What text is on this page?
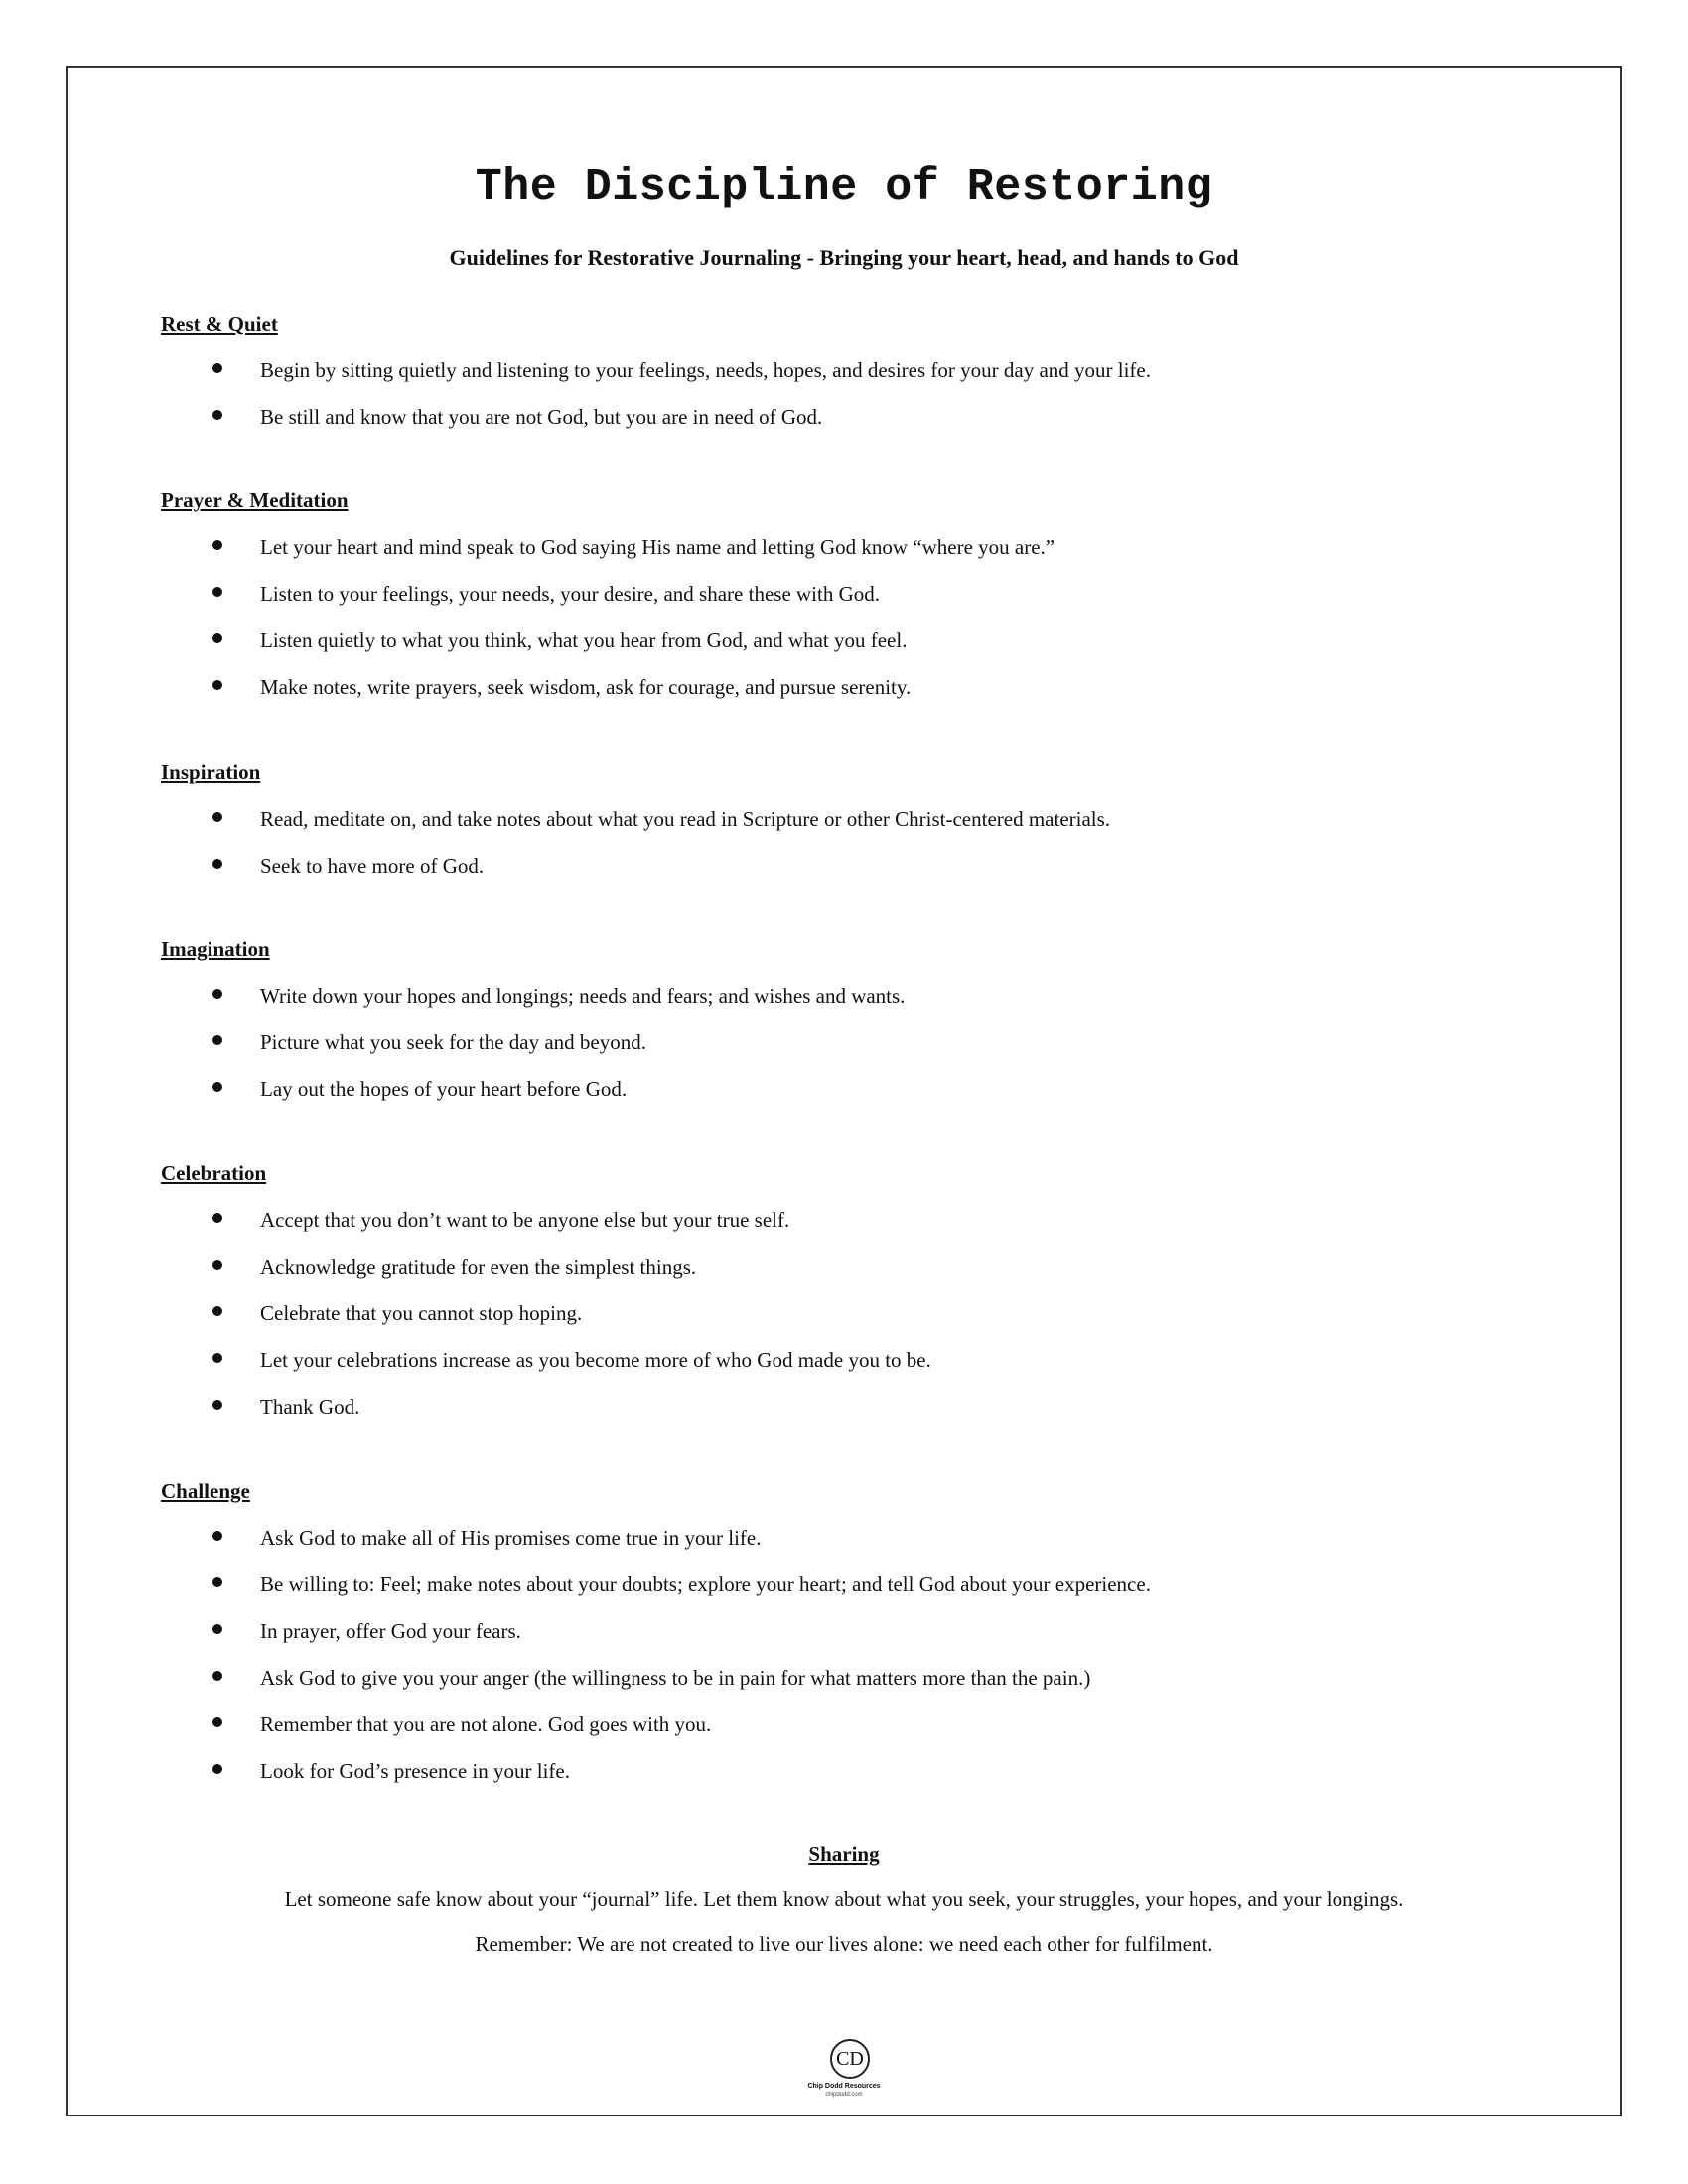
The Discipline of Restoring
Guidelines for Restorative Journaling - Bringing your heart, head, and hands to God
Rest & Quiet
Begin by sitting quietly and listening to your feelings, needs, hopes, and desires for your day and your life.
Be still and know that you are not God, but you are in need of God.
Prayer & Meditation
Let your heart and mind speak to God saying His name and letting God know “where you are.”
Listen to your feelings, your needs, your desire, and share these with God.
Listen quietly to what you think, what you hear from God, and what you feel.
Make notes, write prayers, seek wisdom, ask for courage, and pursue serenity.
Inspiration
Read, meditate on, and take notes about what you read in Scripture or other Christ-centered materials.
Seek to have more of God.
Imagination
Write down your hopes and longings; needs and fears; and wishes and wants.
Picture what you seek for the day and beyond.
Lay out the hopes of your heart before God.
Celebration
Accept that you don’t want to be anyone else but your true self.
Acknowledge gratitude for even the simplest things.
Celebrate that you cannot stop hoping.
Let your celebrations increase as you become more of who God made you to be.
Thank God.
Challenge
Ask God to make all of His promises come true in your life.
Be willing to: Feel; make notes about your doubts; explore your heart; and tell God about your experience.
In prayer, offer God your fears.
Ask God to give you your anger (the willingness to be in pain for what matters more than the pain.)
Remember that you are not alone. God goes with you.
Look for God’s presence in your life.
Sharing
Let someone safe know about your “journal” life. Let them know about what you seek, your struggles, your hopes, and your longings.
Remember: We are not created to live our lives alone: we need each other for fulfilment.
CD
Chip Dodd Resources
chipdodd.com
